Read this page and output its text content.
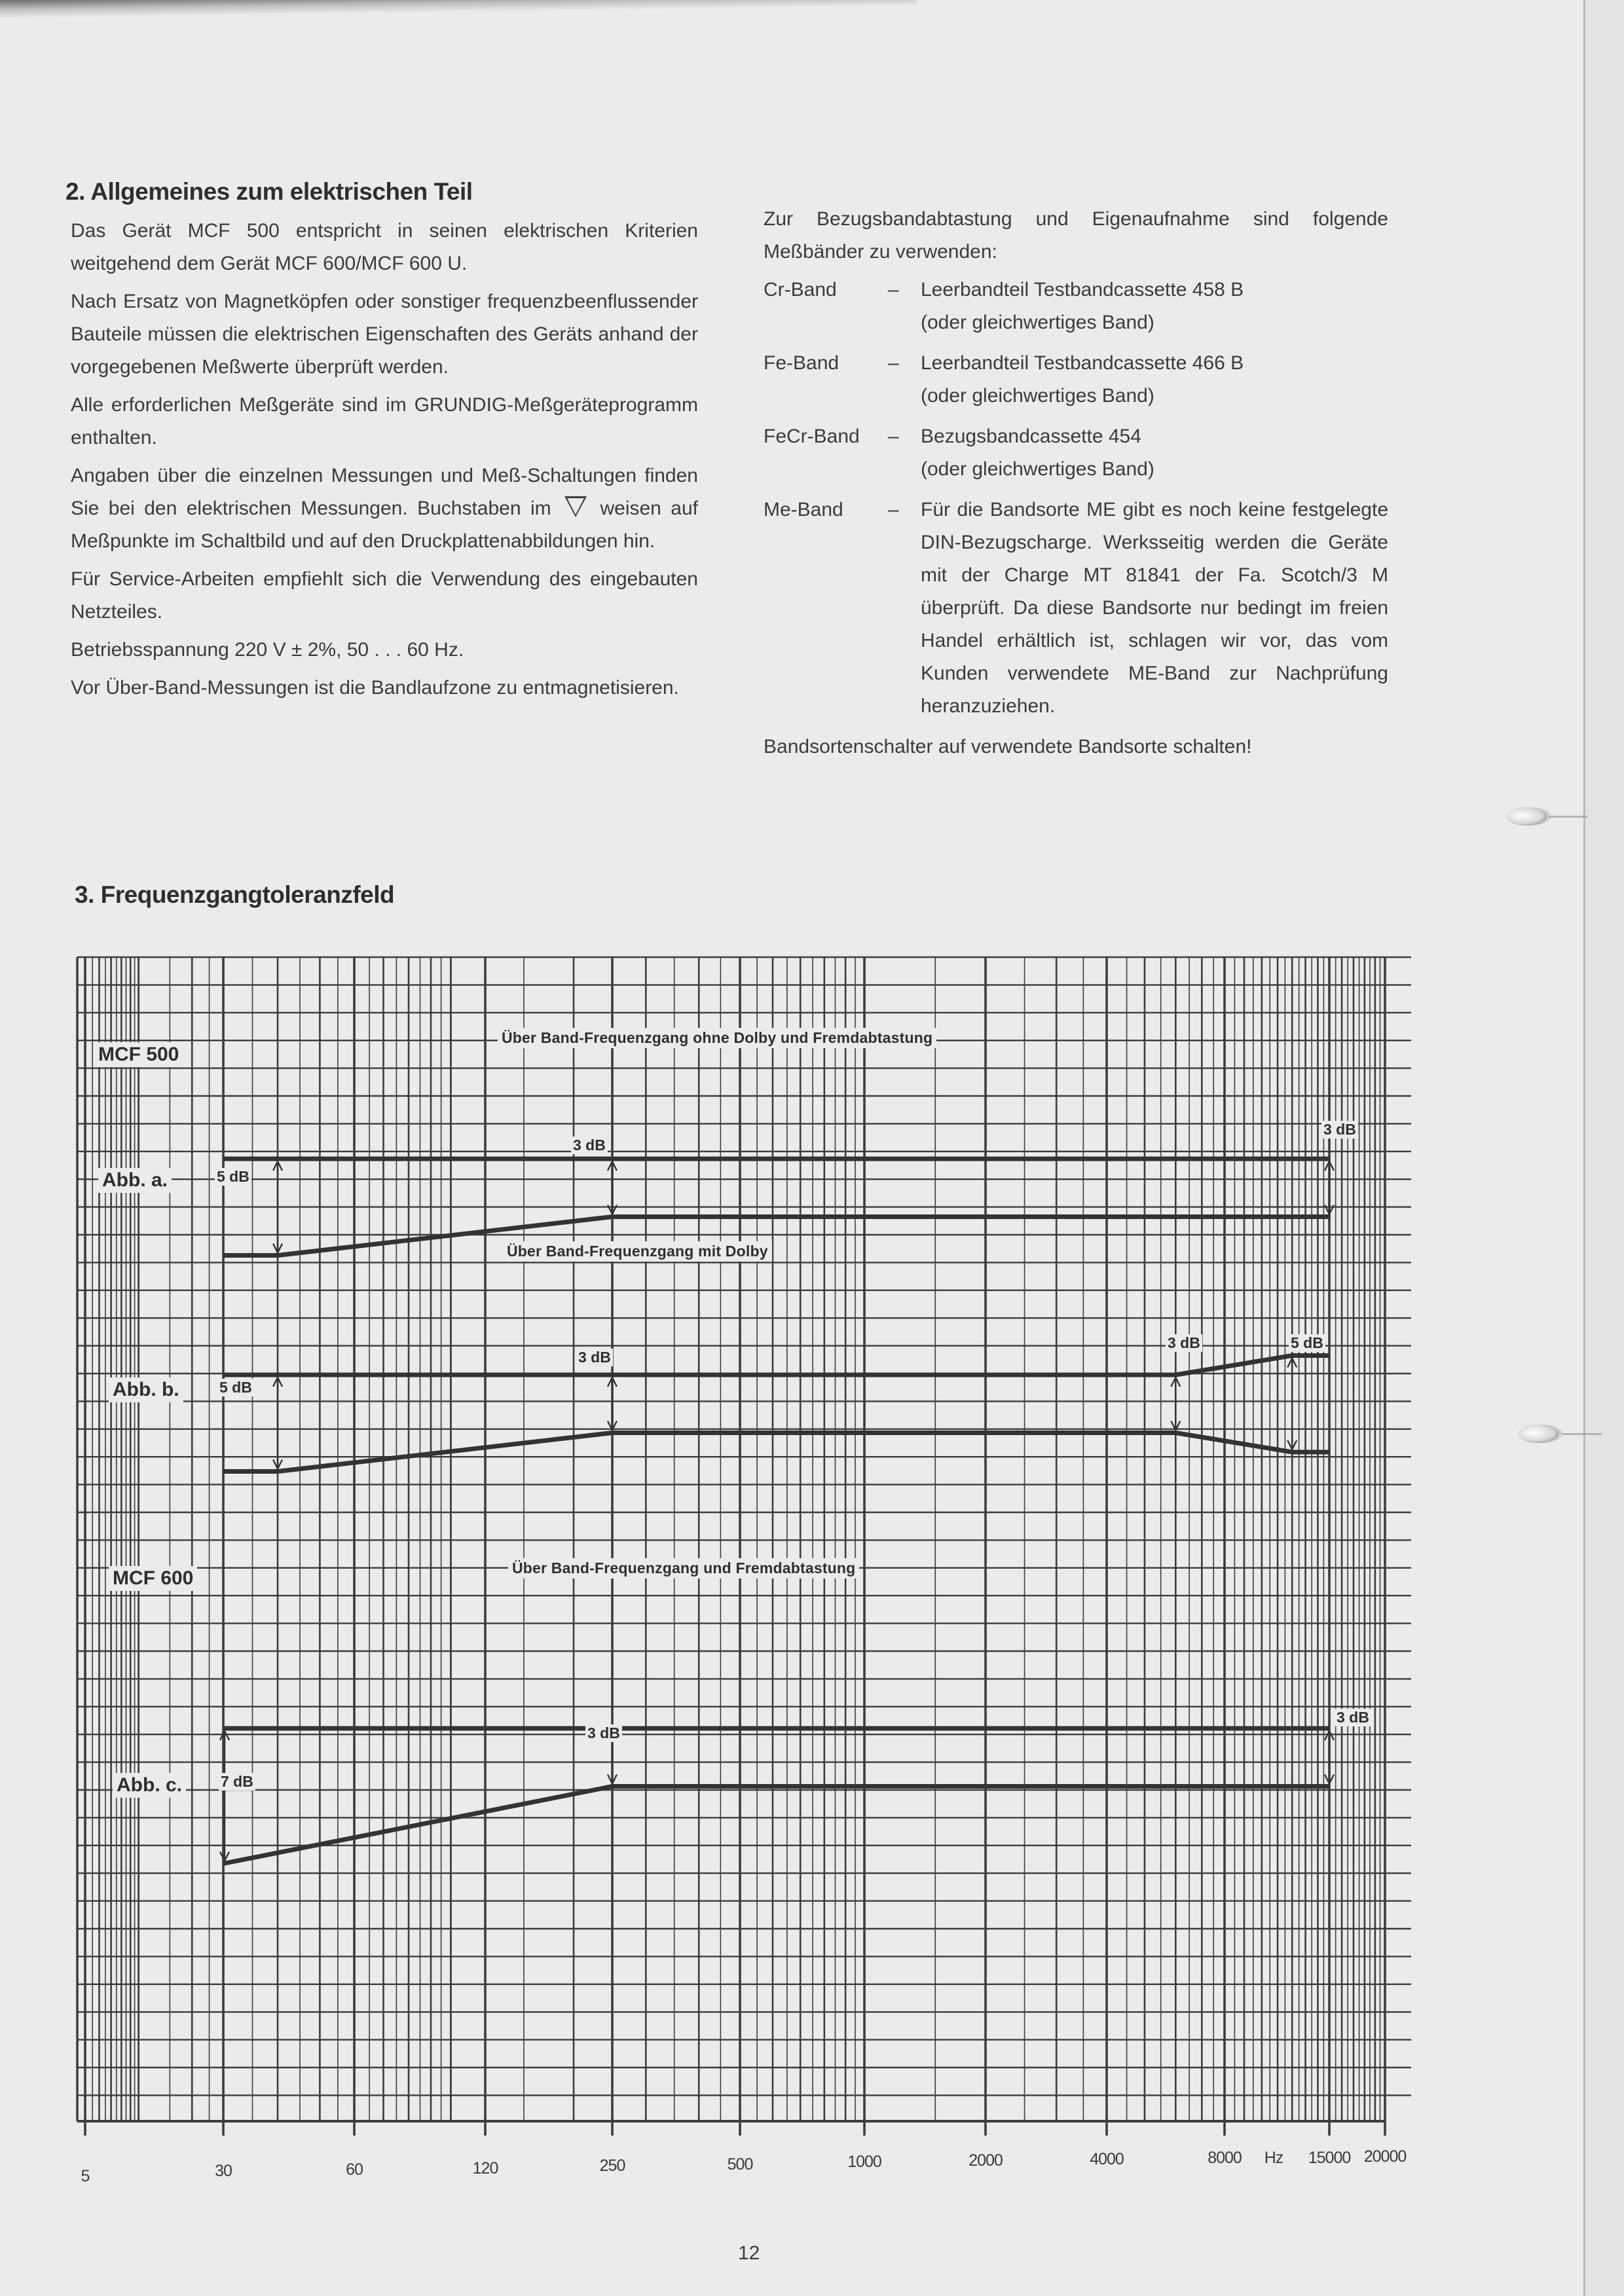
2. Allgemeines zum elektrischen Teil

Das Gerät MCF 500 entspricht in seinen elektrischen Kriterien weitgehend dem Gerät MCF 600/MCF 600 U.

Nach Ersatz von Magnetköpfen oder sonstiger frequenzbeenflussender Bauteile müssen die elektrischen Eigenschaften des Geräts anhand der vorgegebenen Meßwerte überprüft werden.

Alle erforderlichen Meßgeräte sind im GRUNDIG-Meßgeräteprogramm enthalten.

Angaben über die einzelnen Messungen und Meß-Schaltungen finden Sie bei den elektrischen Messungen. Buchstaben im weisen auf Meßpunkte im Schaltbild und auf den Druckplattenabbildungen hin.

Für Service-Arbeiten empfiehlt sich die Verwendung des eingebauten Netzteiles.

Betriebsspannung 220 V ± 2%, 50 . . . 60 Hz.

Vor Über-Band-Messungen ist die Bandlaufzone zu entmagnetisieren.

Zur Bezugsbandabtastung und Eigenaufnahme sind folgende Meßbänder zu verwenden:

Cr-Band	–	Leerbandteil Testbandcassette 458 B
(oder gleichwertiges Band)
Fe-Band	–	Leerbandteil Testbandcassette 466 B
(oder gleichwertiges Band)
FeCr-Band	–	Bezugsbandcassette 454
(oder gleichwertiges Band)
Me-Band	–	Für die Bandsorte ME gibt es noch keine festgelegte DIN-Bezugscharge. Werksseitig werden die Geräte mit der Charge MT 81841 der Fa. Scotch/3 M überprüft. Da diese Bandsorte nur bedingt im freien Handel erhältlich ist, schlagen wir vor, das vom Kunden verwendete ME-Band zur Nachprüfung heranzuziehen.

Bandsortenschalter auf verwendete Bandsorte schalten!

3. Frequenzgangtoleranzfeld
MCF 500
Abb. a.
Über Band-Frequenzgang ohne Dolby und Fremdabtastung
Über Band-Frequenzgang mit Dolby
Abb. b.
MCF 600	Über Band-Frequenzgang und Fremdabtastung
Abb. c.
5 dB
3 dB
3 dB
5 dB
3 dB
3 dB	5 dB
7 dB
3 dB
3 dB
5	30	60	120	250	500	1000	2000	4000	8000 Hz 15000 20000
12
